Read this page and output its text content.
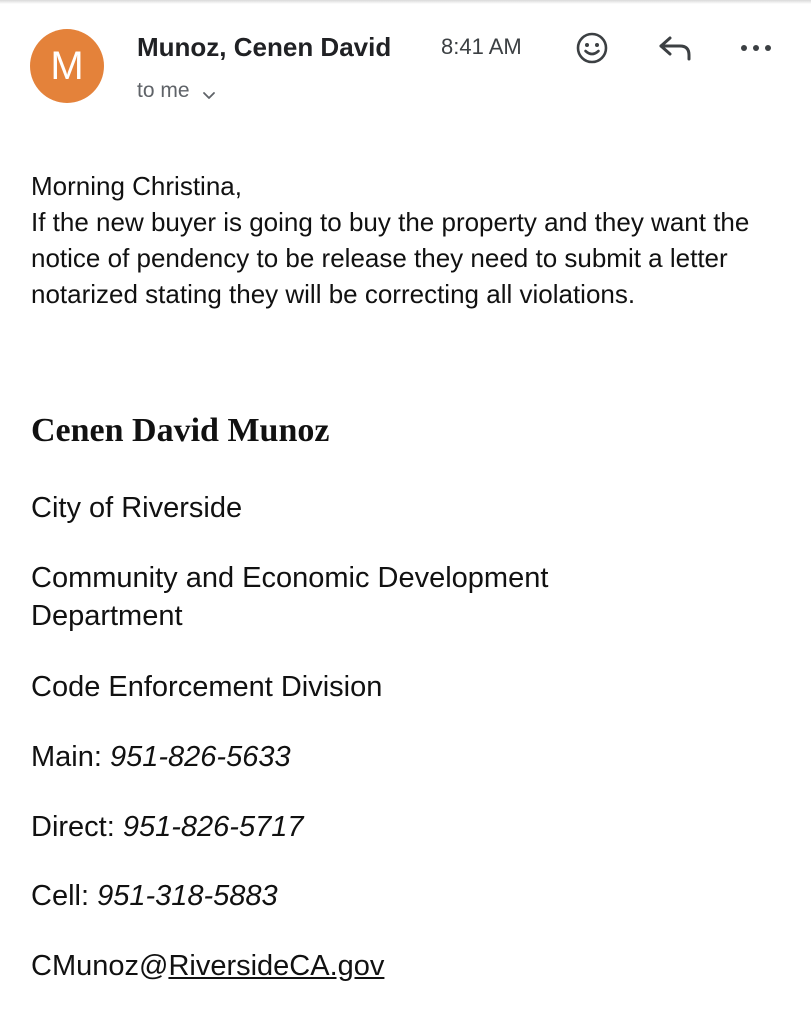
M	Munoz, Cenen David 8:41 AM
to me

Morning Christina,

If the new buyer is going to buy the property and they want the notice of pendency to be release they need to submit a letter notarized stating they will be correcting all violations.

Cenen David Munoz
City of Riverside
Community and Economic Development Department
Code Enforcement Division
Main: 951-826-5633
Direct: 951-826-5717
Cell: 951-318-5883
CMunoz@RiversideCA.gov
